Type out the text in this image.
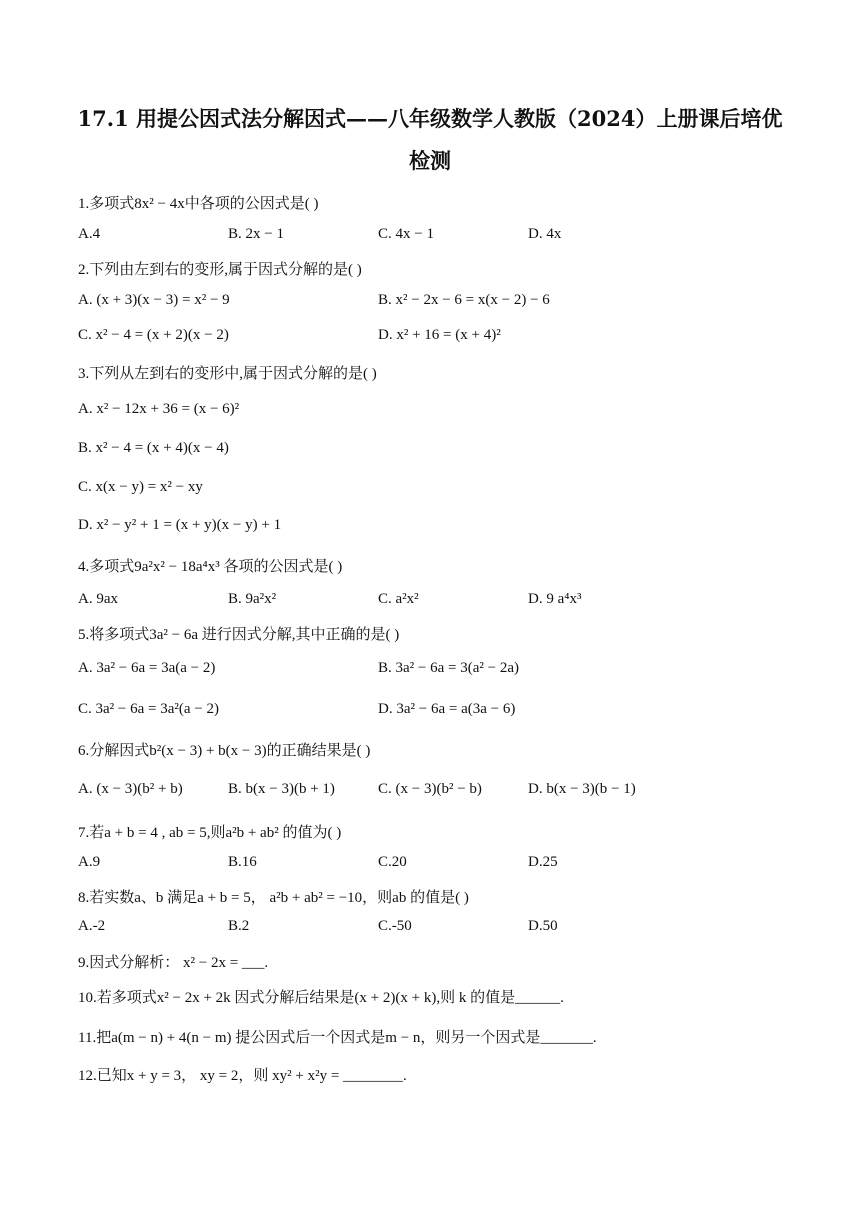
17.1 用提公因式法分解因式——八年级数学人教版（2024）上册课后培优
检测
1.多项式8x² − 4x中各项的公因式是( )
A.4	B. 2x − 1	C. 4x − 1	D. 4x
2.下列由左到右的变形,属于因式分解的是( )
A. (x + 3)(x − 3) = x² − 9	B. x² − 2x − 6 = x(x − 2) − 6
C. x² − 4 = (x + 2)(x − 2)	D. x² + 16 = (x + 4)²
3.下列从左到右的变形中,属于因式分解的是( )
A. x² − 12x + 36 = (x − 6)²
B. x² − 4 = (x + 4)(x − 4)
C. x(x − y) = x² − xy
D. x² − y² + 1 = (x + y)(x − y) + 1
4.多项式9a²x² − 18a⁴x³ 各项的公因式是( )
A. 9ax	B. 9a²x²	C. a²x²	D. 9 a⁴x³
5.将多项式3a² − 6a 进行因式分解,其中正确的是( )
A. 3a² − 6a = 3a(a − 2)	B. 3a² − 6a = 3(a² − 2a)
C. 3a² − 6a = 3a²(a − 2)	D. 3a² − 6a = a(3a − 6)
6.分解因式b²(x − 3) + b(x − 3)的正确结果是( )
A. (x − 3)(b² + b)	B. b(x − 3)(b + 1)	C. (x − 3)(b² − b)	D. b(x − 3)(b − 1)
7.若a + b = 4 , ab = 5,则a²b + ab² 的值为( )
A.9	B.16	C.20	D.25
8.若实数a、b 满足a + b = 5， a²b + ab² = −10，则ab 的值是( )
A.-2	B.2	C.-50	D.50
9.因式分解析： x² − 2x = ___.
10.若多项式x² − 2x + 2k 因式分解后结果是(x + 2)(x + k),则 k 的值是______.
11.把a(m − n) + 4(n − m) 提公因式后一个因式是m − n，则另一个因式是_______.
12.已知x + y = 3， xy = 2，则 xy² + x²y = ________.
